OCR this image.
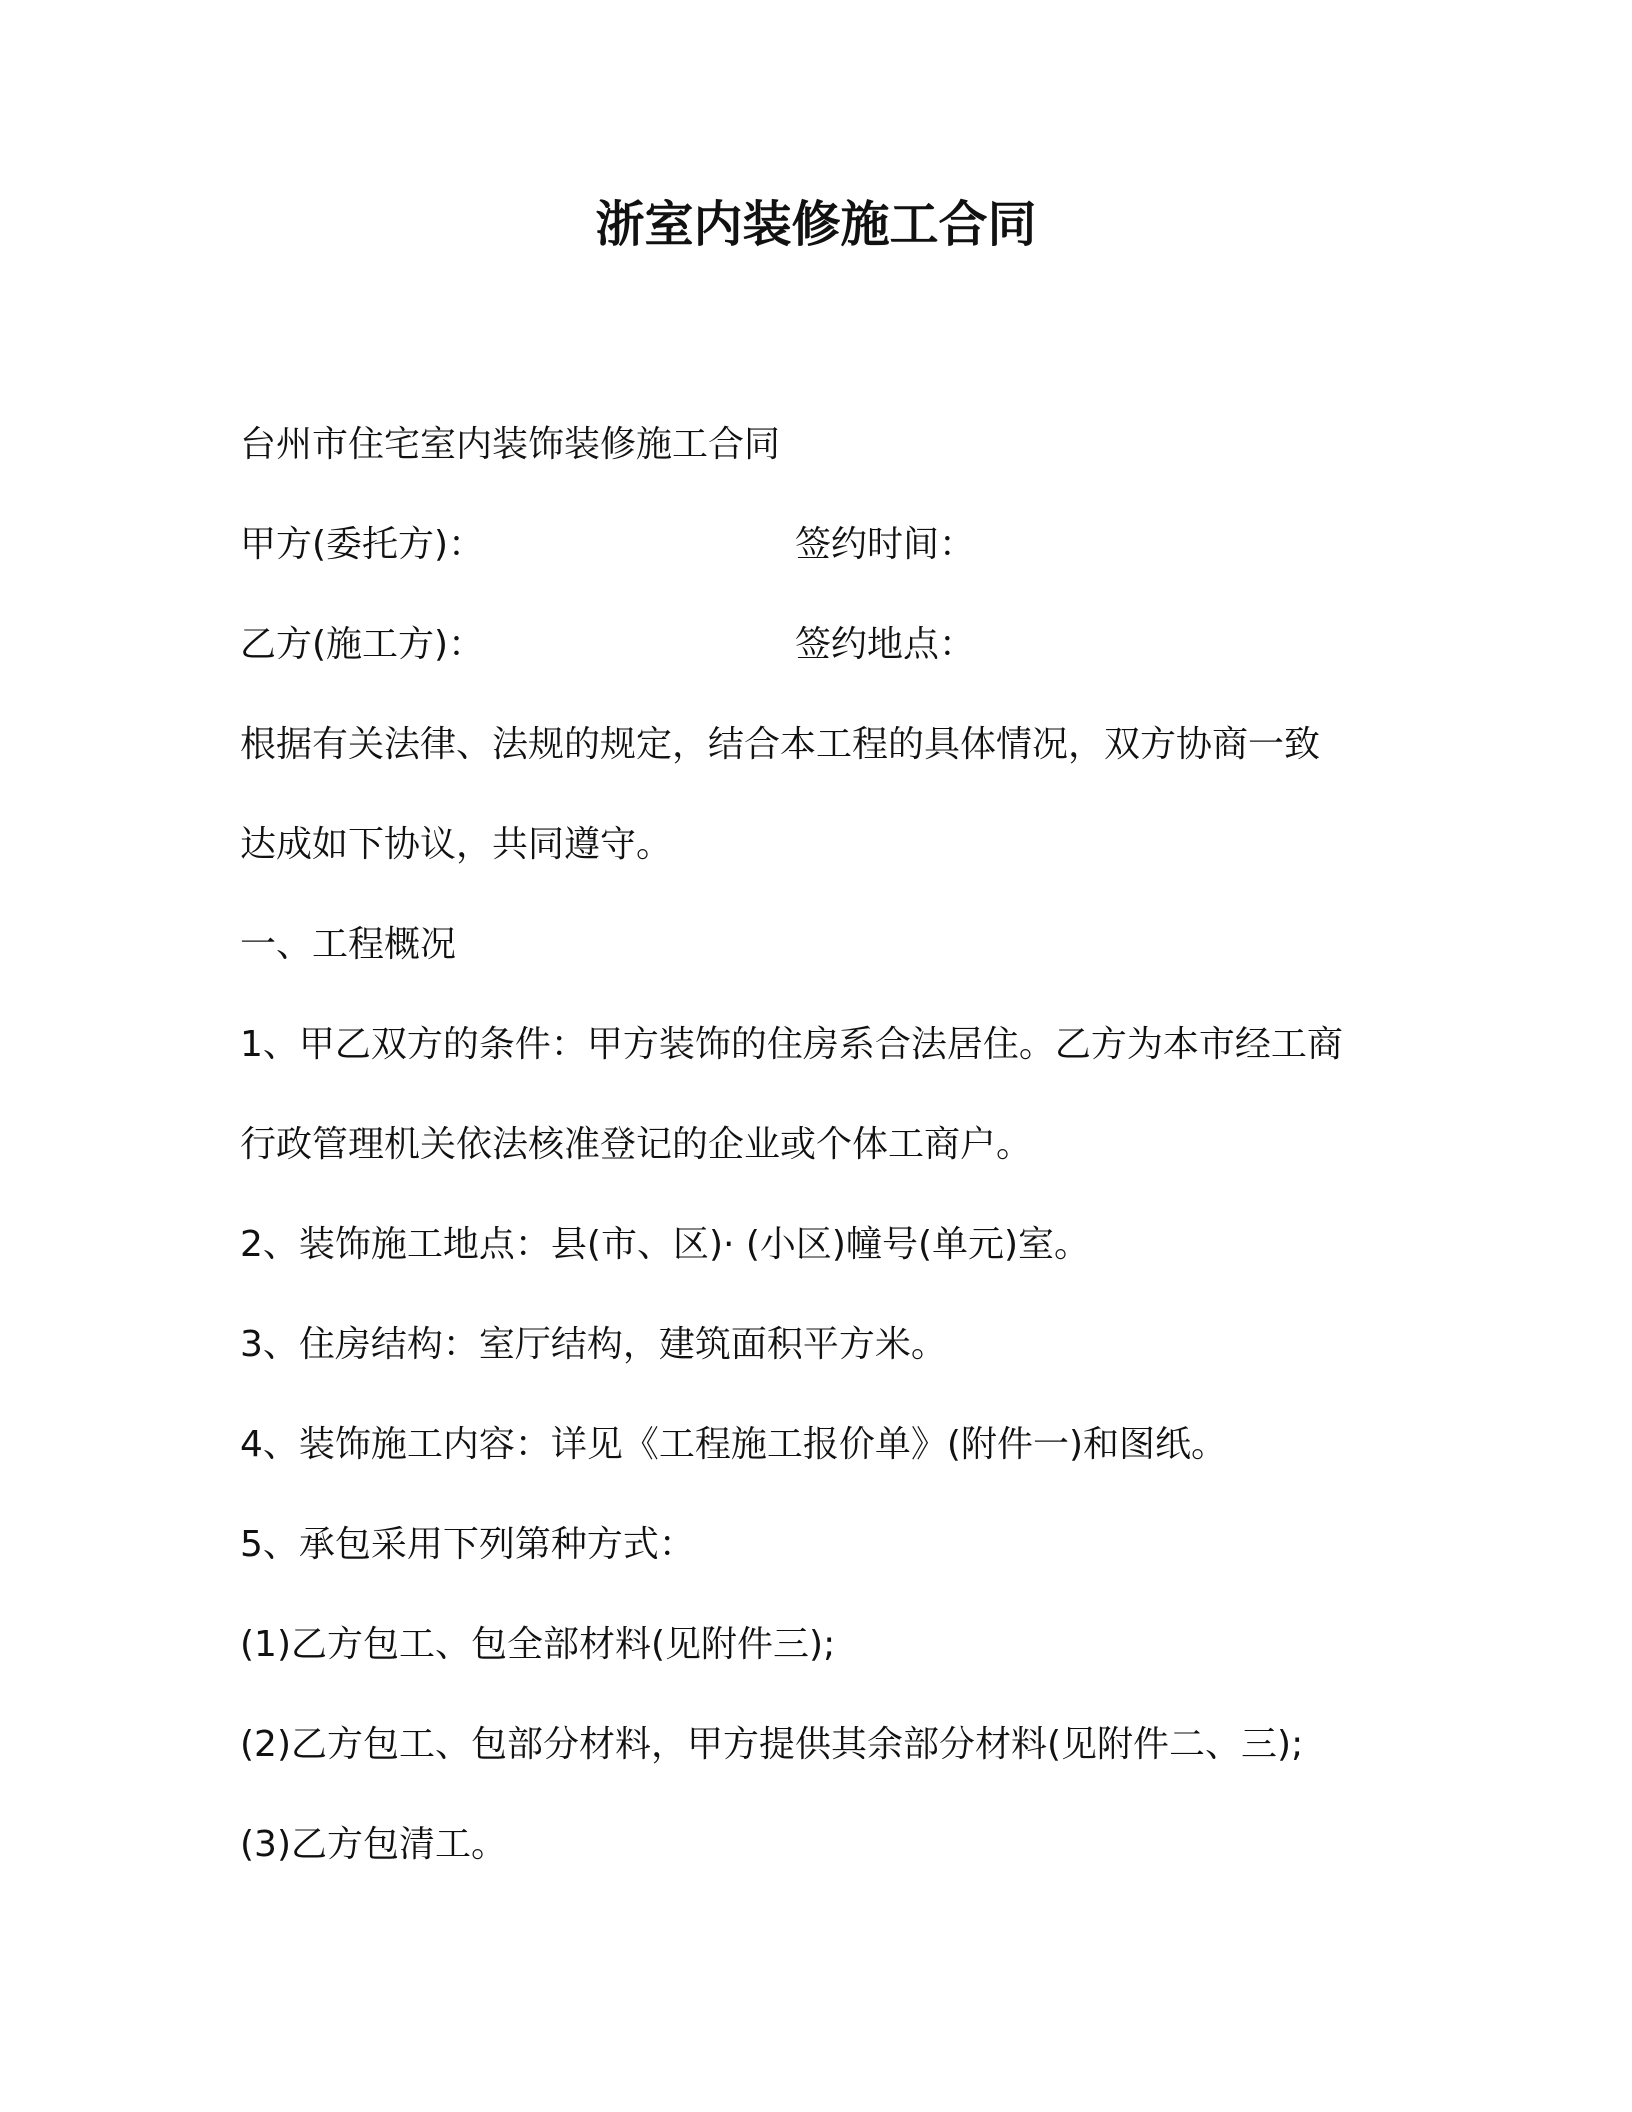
浙室内装修施工合同
台州市住宅室内装饰装修施工合同
甲方(委托方)：	签约时间：
乙方(施工方)：	签约地点：
根据有关法律、法规的规定，结合本工程的具体情况，双方协商一致
达成如下协议，共同遵守。
一、工程概况
1、甲乙双方的条件：甲方装饰的住房系合法居住。乙方为本市经工商
行政管理机关依法核准登记的企业或个体工商户。
2、装饰施工地点：县(市、区)· (小区)幢号(单元)室。
3、住房结构：室厅结构，建筑面积平方米。
4、装饰施工内容：详见《工程施工报价单》(附件一)和图纸。
5、承包采用下列第种方式：
(1)乙方包工、包全部材料(见附件三);
(2)乙方包工、包部分材料，甲方提供其余部分材料(见附件二、三);
(3)乙方包清工。
